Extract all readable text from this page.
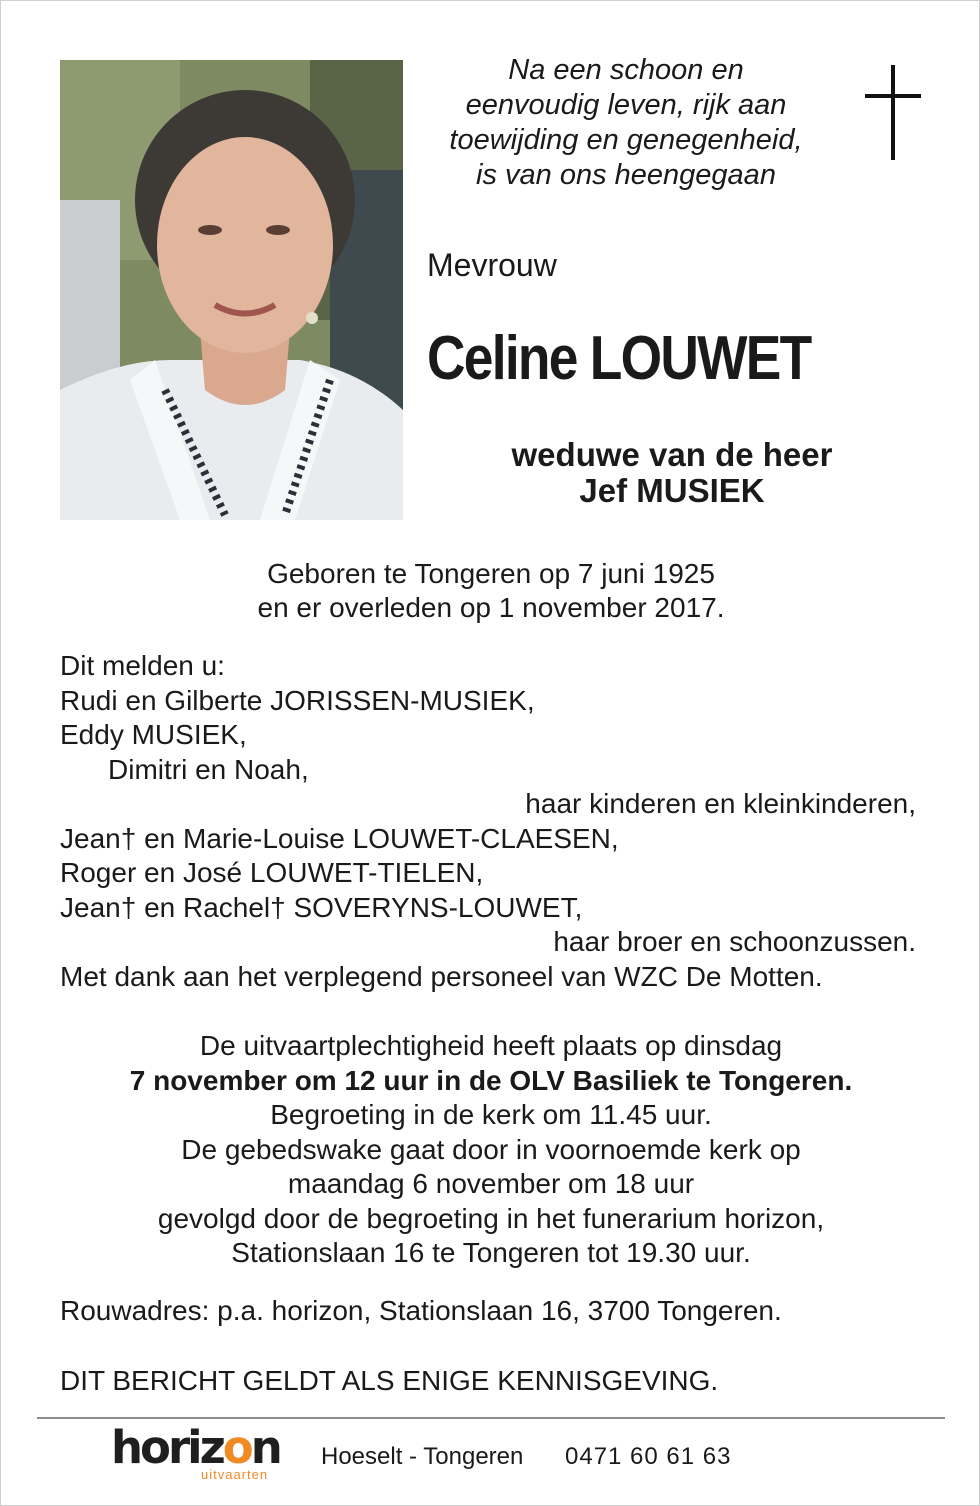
Na een schoon en
eenvoudig leven, rijk aan
toewijding en genegenheid,
is van ons heengegaan
Mevrouw
Celine LOUWET
weduwe van de heer
Jef MUSIEK
Geboren te Tongeren op 7 juni 1925
en er overleden op 1 november 2017.
Dit melden u:
Rudi en Gilberte JORISSEN-MUSIEK,
Eddy MUSIEK,
Dimitri en Noah,
haar kinderen en kleinkinderen,
Jean† en Marie-Louise LOUWET-CLAESEN,
Roger en José LOUWET-TIELEN,
Jean† en Rachel† SOVERYNS-LOUWET,
haar broer en schoonzussen.
Met dank aan het verplegend personeel van WZC De Motten.
De uitvaartplechtigheid heeft plaats op dinsdag
7 november om 12 uur in de OLV Basiliek te Tongeren.
Begroeting in de kerk om 11.45 uur.
De gebedswake gaat door in voornoemde kerk op
maandag 6 november om 18 uur
gevolgd door de begroeting in het funerarium horizon,
Stationslaan 16 te Tongeren tot 19.30 uur.
Rouwadres: p.a. horizon, Stationslaan 16, 3700 Tongeren.
DIT BERICHT GELDT ALS ENIGE KENNISGEVING.
horizon
uitvaarten
Hoeselt - Tongeren 0471 60 61 63
